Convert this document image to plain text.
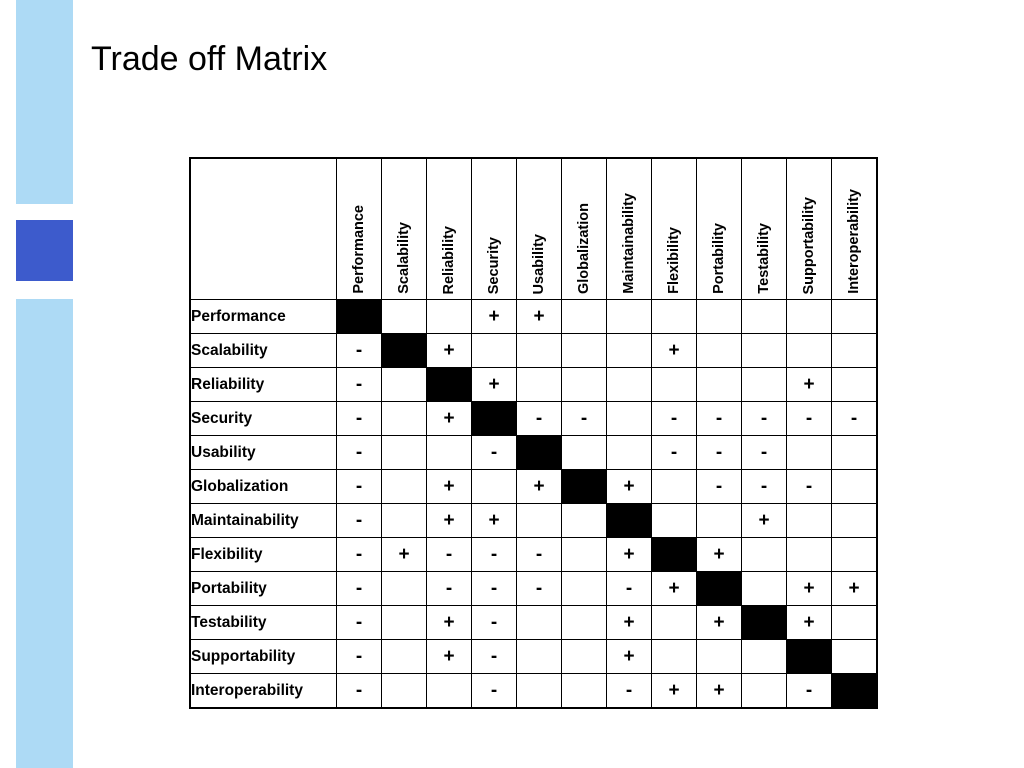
Trade off Matrix
	Performance	Scalability	Reliability	Security	Usability	Globalization	Maintainability	Flexibility	Portability	Testability	Supportability	Interoperability
Performance				+	+							
Scalability	-		+					+				
Reliability	-			+							+	
Security	-		+		-	-		-	-	-	-	-
Usability	-			-				-	-	-		
Globalization	-		+		+		+		-	-	-	
Maintainability	-		+	+						+		
Flexibility	-	+	-	-	-		+		+			
Portability	-		-	-	-		-	+			+	+
Testability	-		+	-			+		+		+	
Supportability	-		+	-			+					
Interoperability	-			-			-	+	+		-	
